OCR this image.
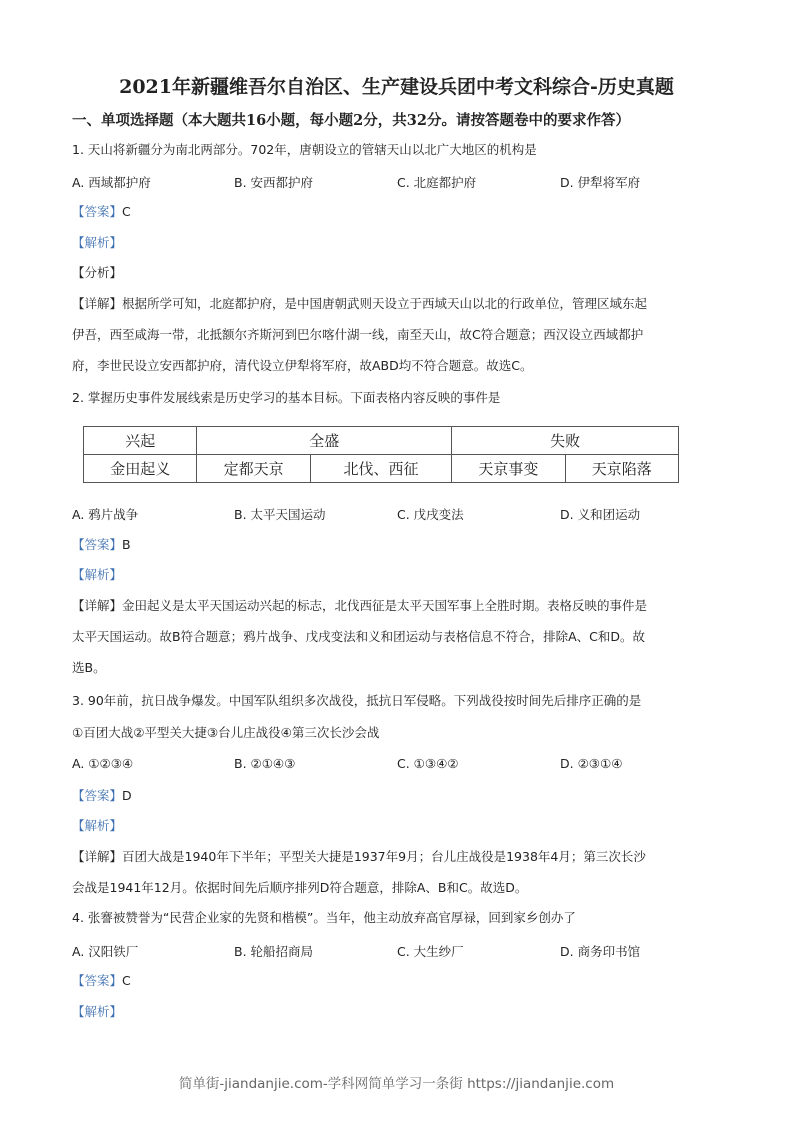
2021年新疆维吾尔自治区、生产建设兵团中考文科综合-历史真题
一、单项选择题（本大题共16小题，每小题2分，共32分。请按答题卷中的要求作答）
1. 天山将新疆分为南北两部分。702年，唐朝设立的管辖天山以北广大地区的机构是
A. 西域都护府	B. 安西都护府	C. 北庭都护府	D. 伊犁将军府
【答案】C
【解析】
【分析】
【详解】根据所学可知，北庭都护府，是中国唐朝武则天设立于西域天山以北的行政单位，管理区域东起
伊吾，西至咸海一带，北抵额尔齐斯河到巴尔喀什湖一线，南至天山，故C符合题意；西汉设立西域都护
府，李世民设立安西都护府，清代设立伊犁将军府，故ABD均不符合题意。故选C。
2. 掌握历史事件发展线索是历史学习的基本目标。下面表格内容反映的事件是
兴起	全盛		失败	
金田起义	定都天京	北伐、西征	天京事变	天京陷落
A. 鸦片战争	B. 太平天国运动	C. 戊戌变法	D. 义和团运动
【答案】B
【解析】
【详解】金田起义是太平天国运动兴起的标志，北伐西征是太平天国军事上全胜时期。表格反映的事件是
太平天国运动。故B符合题意；鸦片战争、戊戌变法和义和团运动与表格信息不符合，排除A、C和D。故
选B。
3. 90年前，抗日战争爆发。中国军队组织多次战役，抵抗日军侵略。下列战役按时间先后排序正确的是
①百团大战②平型关大捷③台儿庄战役④第三次长沙会战
A. ①②③④	B. ②①④③	C. ①③④②	D. ②③①④
【答案】D
【解析】
【详解】百团大战是1940年下半年；平型关大捷是1937年9月；台儿庄战役是1938年4月；第三次长沙
会战是1941年12月。依据时间先后顺序排列D符合题意，排除A、B和C。故选D。
4. 张謇被赞誉为“民营企业家的先贤和楷模”。当年，他主动放弃高官厚禄，回到家乡创办了
A. 汉阳铁厂	B. 轮船招商局	C. 大生纱厂	D. 商务印书馆
【答案】C
【解析】
简单街-jiandanjie.com-学科网简单学习一条街 https://jiandanjie.com
